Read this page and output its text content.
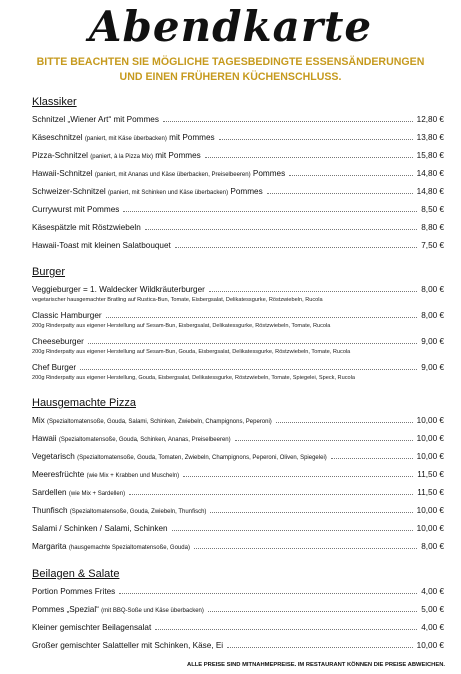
Abendkarte
BITTE BEACHTEN SIE MÖGLICHE TAGESBEDINGTE ESSENSÄNDERUNGEN
UND EINEN FRÜHEREN KÜCHENSCHLUSS.
Klassiker
Schnitzel „Wiener Art“ mit Pommes	12,80 €
Käseschnitzel (paniert, mit Käse überbacken) mit Pommes	13,80 €
Pizza-Schnitzel (paniert, à la Pizza Mix) mit Pommes	15,80 €
Hawaii-Schnitzel (paniert, mit Ananas und Käse überbacken, Preiselbeeren) Pommes	14,80 €
Schweizer-Schnitzel (paniert, mit Schinken und Käse überbacken) Pommes	14,80 €
Currywurst mit Pommes	8,50 €
Käsespätzle mit Röstzwiebeln	8,80 €
Hawaii-Toast mit kleinen Salatbouquet	7,50 €
Burger
Veggieburger = 1. Waldecker Wildkräuterburger	8,00 €
vegetarischer hausgemachter Bratling auf Rustica-Bun, Tomate, Eisbergsalat, Delikatessgurke, Röstzwiebeln, Rucola
Classic Hamburger	8,00 €
200g Rinderpatty aus eigener Herstellung auf Sesam-Bun, Eisbergsalat, Delikatessgurke, Röstzwiebeln, Tomate, Rucola
Cheeseburger	9,00 €
200g Rinderpatty aus eigener Herstellung auf Sesam-Bun, Gouda, Eisbergsalat, Delikatessgurke, Röstzwiebeln, Tomate, Rucola
Chef Burger	9,00 €
200g Rinderpatty aus eigener Herstellung, Gouda, Eisbergsalat, Delikatessgurke, Röstzwiebeln, Tomate, Spiegelei, Speck, Rucola
Hausgemachte Pizza
Mix (Spezialtomatensoße, Gouda, Salami, Schinken, Zwiebeln, Champignons, Peperoni)	10,00 €
Hawaii (Spezialtomatensoße, Gouda, Schinken, Ananas, Preiselbeeren)	10,00 €
Vegetarisch (Spezialtomatensoße, Gouda, Tomaten, Zwiebeln, Champignons, Peperoni, Oliven, Spiegelei)	10,00 €
Meeresfrüchte (wie Mix + Krabben und Muscheln)	11,50 €
Sardellen (wie Mix + Sardellen)	11,50 €
Thunfisch (Spezialtomatensoße, Gouda, Zwiebeln, Thunfisch)	10,00 €
Salami / Schinken / Salami, Schinken	10,00 €
Margarita (hausgemachte Spezialtomatensoße, Gouda)	8,00 €
Beilagen & Salate
Portion Pommes Frites	4,00 €
Pommes „Spezial“ (mit BBQ-Soße und Käse überbacken)	5,00 €
Kleiner gemischter Beilagensalat	4,00 €
Großer gemischter Salatteller mit Schinken, Käse, Ei	10,00 €
ALLE PREISE SIND MITNAHMEPREISE. IM RESTAURANT KÖNNEN DIE PREISE ABWEICHEN.
